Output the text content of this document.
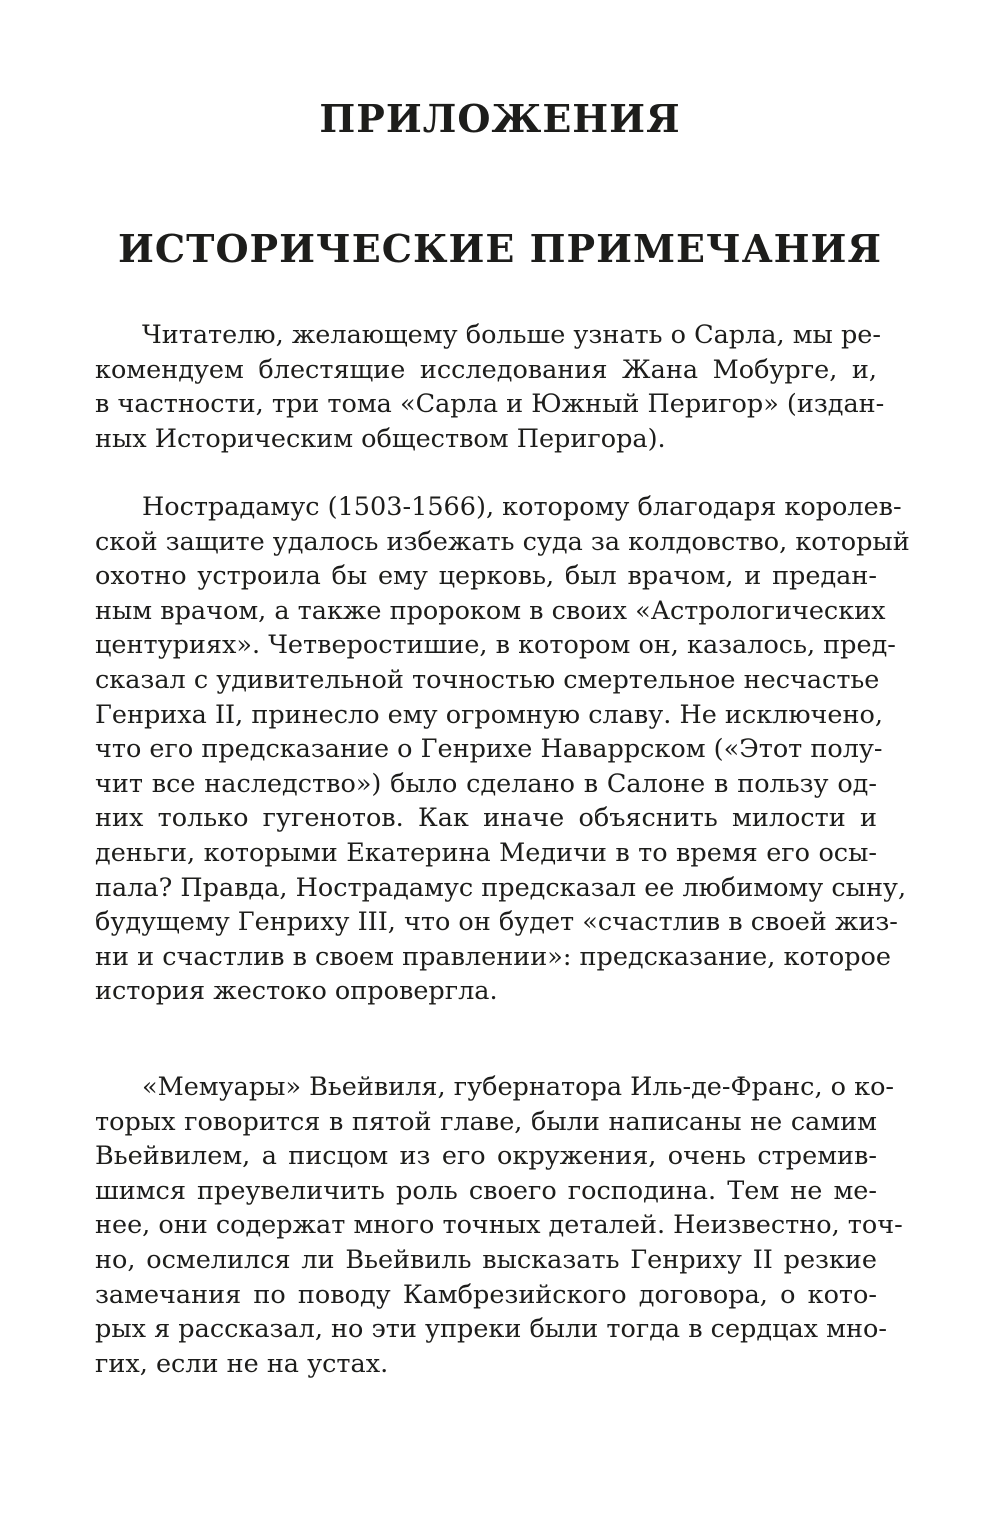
ПРИЛОЖЕНИЯ
ИСТОРИЧЕСКИЕ ПРИМЕЧАНИЯ
Читателю, желающему больше узнать о Сарла, мы ре-
комендуем блестящие исследования Жана Мобурге, и,
в частности, три тома «Сарла и Южный Перигор» (издан-
ных Историческим обществом Перигора).
Нострадамус (1503-1566), которому благодаря королев-
ской защите удалось избежать суда за колдовство, который
охотно устроила бы ему церковь, был врачом, и предан-
ным врачом, а также пророком в своих «Астрологических
центуриях». Четверостишие, в котором он, казалось, пред-
сказал с удивительной точностью смертельное несчастье
Генриха II, принесло ему огромную славу. Не исключено,
что его предсказание о Генрихе Наваррском («Этот полу-
чит все наследство») было сделано в Салоне в пользу од-
них только гугенотов. Как иначе объяснить милости и
деньги, которыми Екатерина Медичи в то время его осы-
пала? Правда, Нострадамус предсказал ее любимому сыну,
будущему Генриху III, что он будет «счастлив в своей жиз-
ни и счастлив в своем правлении»: предсказание, которое
история жестоко опровергла.
«Мемуары» Вьейвиля, губернатора Иль-де-Франс, о ко-
торых говорится в пятой главе, были написаны не самим
Вьейвилем, а писцом из его окружения, очень стремив-
шимся преувеличить роль своего господина. Тем не ме-
нее, они содержат много точных деталей. Неизвестно, точ-
но, осмелился ли Вьейвиль высказать Генриху II резкие
замечания по поводу Камбрезийского договора, о кото-
рых я рассказал, но эти упреки были тогда в сердцах мно-
гих, если не на устах.
